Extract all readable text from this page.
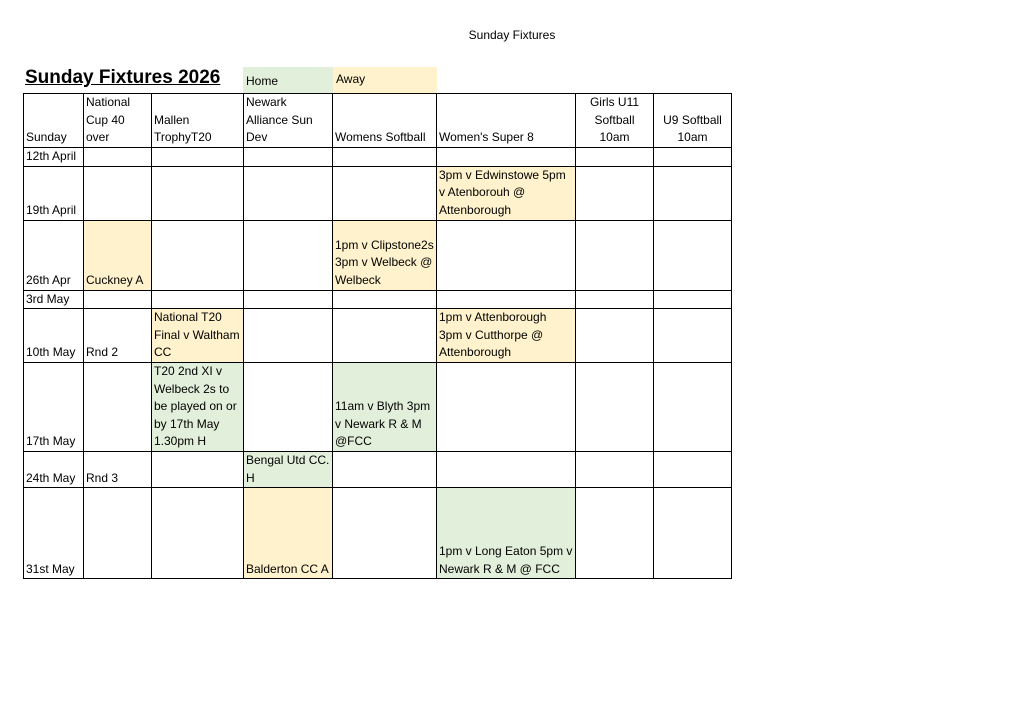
Sunday Fixtures
Sunday Fixtures 2026 Home	Away
Sunday	National Cup 40 over	Mallen TrophyT20	Newark Alliance Sun Dev	Womens Softball	Women's Super 8	Girls U11 Softball 10am	U9 Softball 10am
12th April							
19th April					3pm v Edwinstowe 5pm v Atenborouh @ Attenborough		
26th Apr	Cuckney A			1pm v Clipstone2s 3pm v Welbeck @ Welbeck			
3rd May							
10th May	Rnd 2	National T20 Final v Waltham CC			1pm v Attenborough 3pm v Cutthorpe @ Attenborough		
17th May		T20 2nd XI v Welbeck 2s to be played on or by 17th May 1.30pm H		11am v Blyth 3pm v Newark R & M @FCC			
24th May	Rnd 3		Bengal Utd CC. H				
31st May			Balderton CC A		1pm v Long Eaton 5pm v Newark R & M @ FCC		
